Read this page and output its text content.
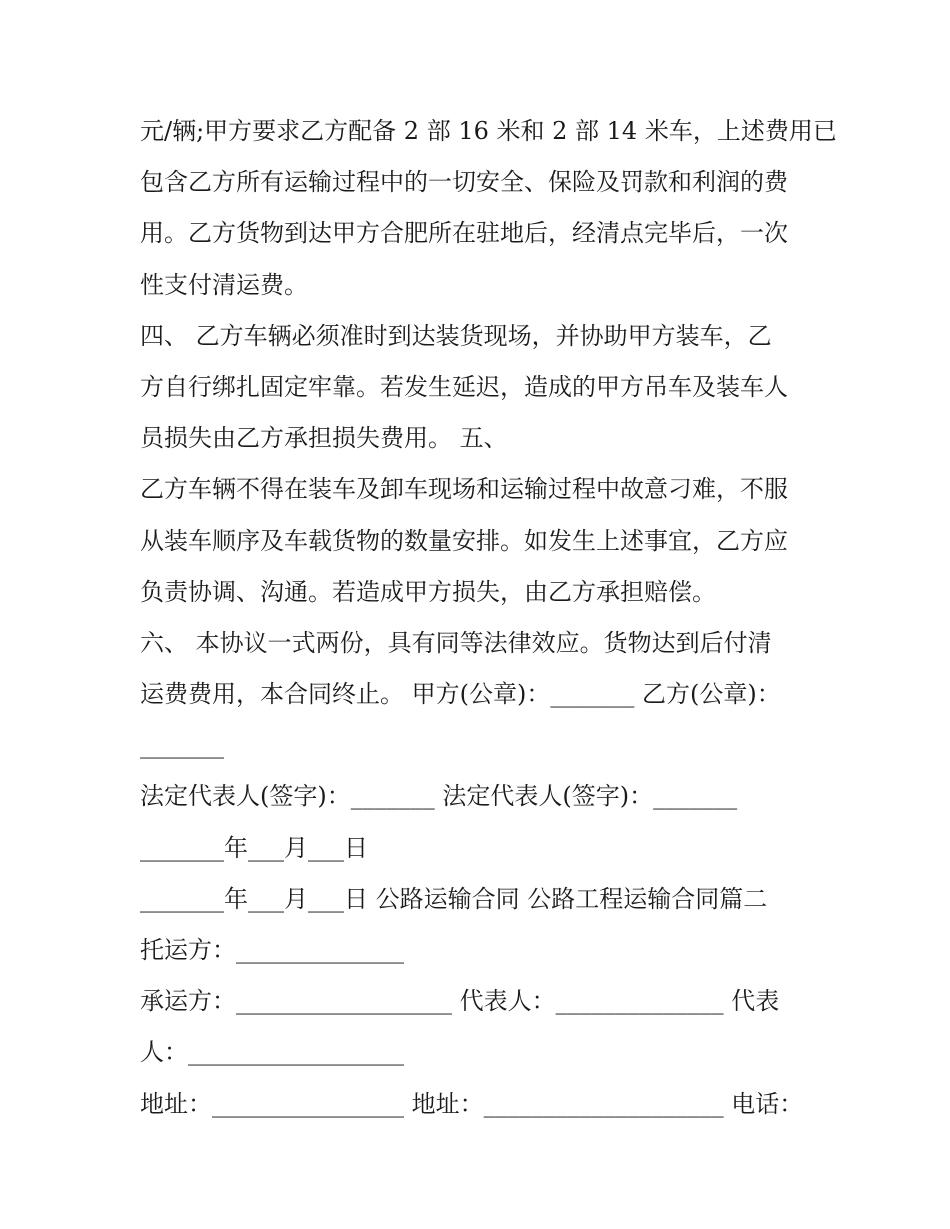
元/辆;甲方要求乙方配备 2 部 16 米和 2 部 14 米车，上述费用已
包含乙方所有运输过程中的一切安全、保险及罚款和利润的费
用。乙方货物到达甲方合肥所在驻地后，经清点完毕后，一次
性支付清运费。
四、 乙方车辆必须准时到达装货现场，并协助甲方装车，乙
方自行绑扎固定牢靠。若发生延迟，造成的甲方吊车及装车人
员损失由乙方承担损失费用。 五、
乙方车辆不得在装车及卸车现场和运输过程中故意刁难，不服
从装车顺序及车载货物的数量安排。如发生上述事宜，乙方应
负责协调、沟通。若造成甲方损失，由乙方承担赔偿。
六、 本协议一式两份，具有同等法律效应。货物达到后付清
运费费用，本合同终止。 甲方(公章)：_______ 乙方(公章)：
_______
法定代表人(签字)：_______ 法定代表人(签字)：_______
_______年___月___日
_______年___月___日 公路运输合同 公路工程运输合同篇二
托运方：______________
承运方：__________________ 代表人：______________ 代表
人：__________________
地址：________________ 地址：____________________ 电话：
